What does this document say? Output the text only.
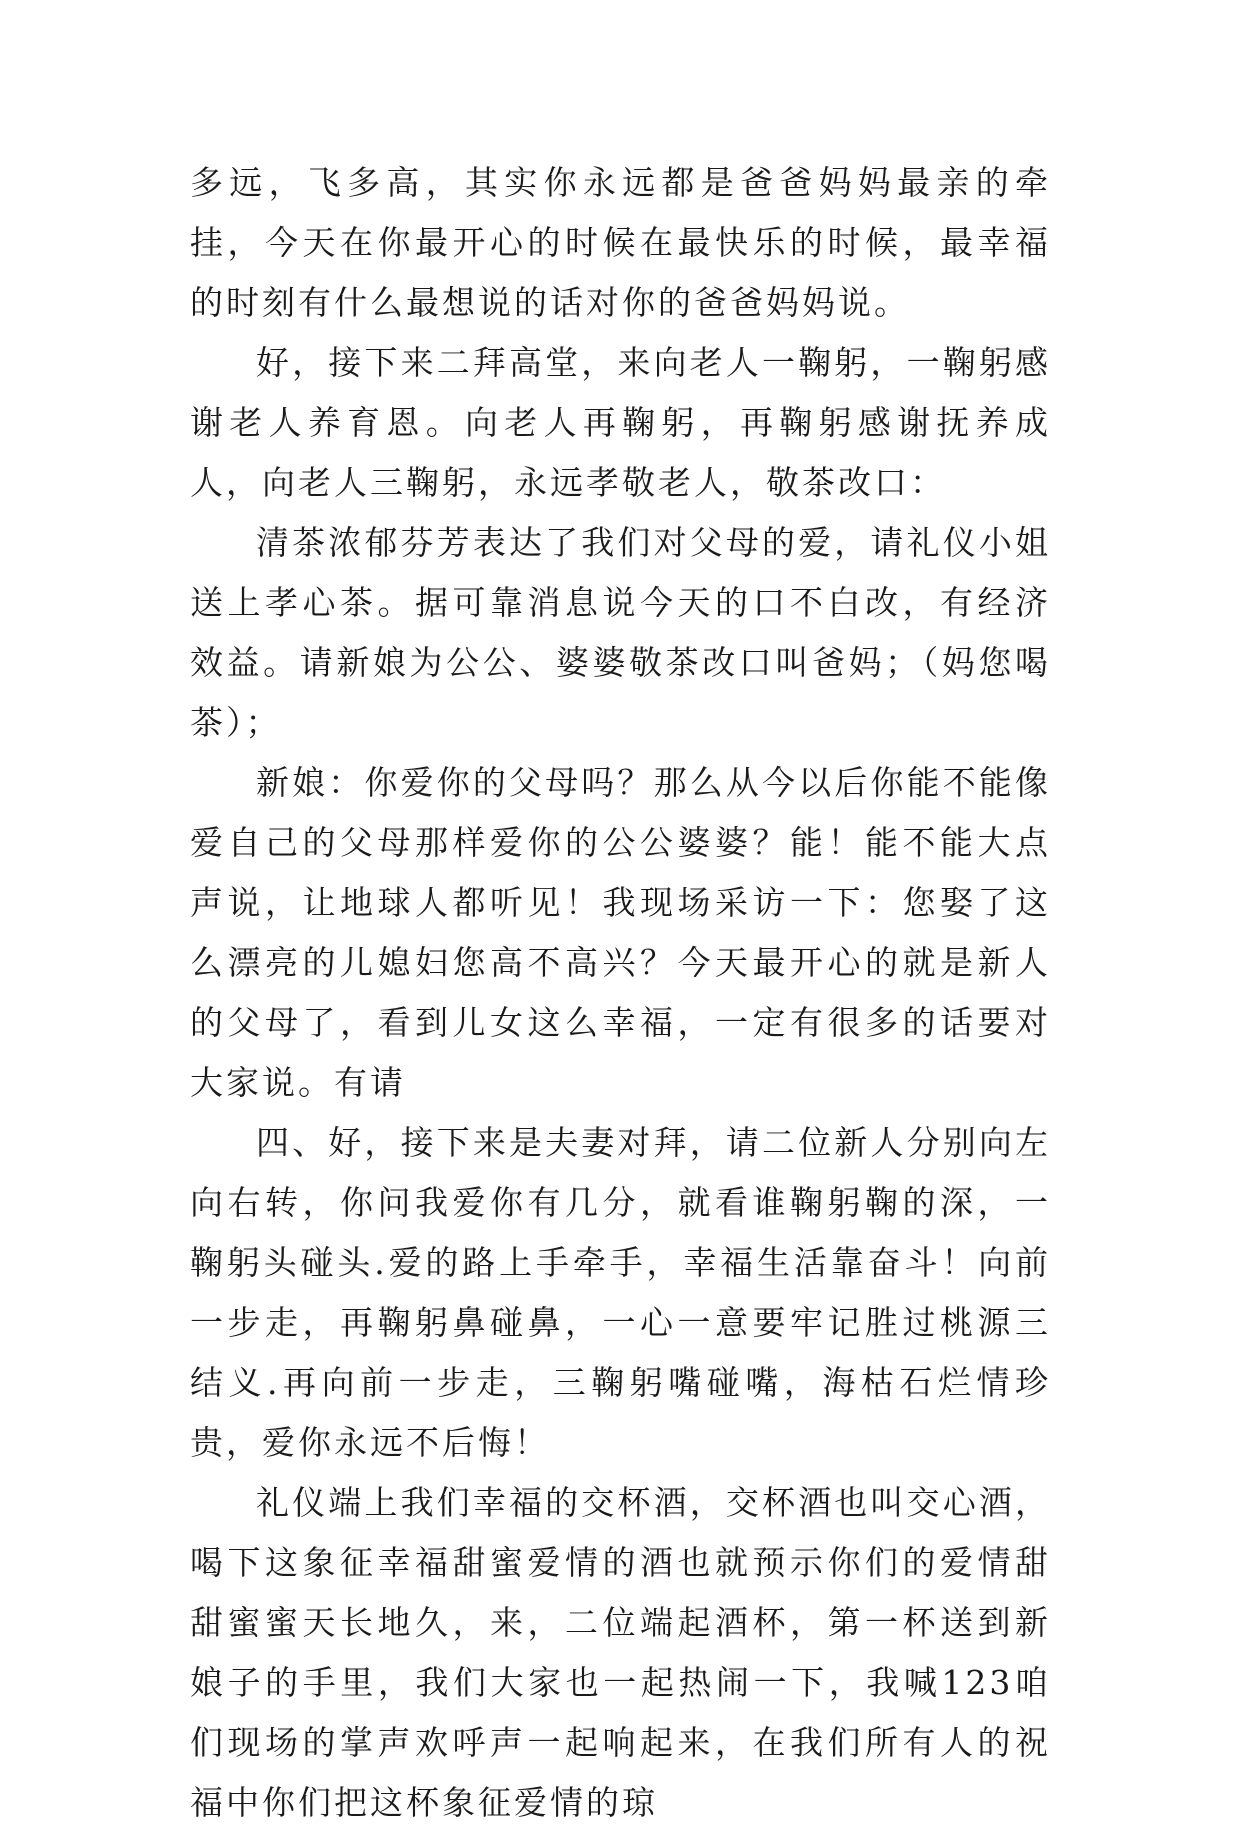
多远，飞多高，其实你永远都是爸爸妈妈最亲的牵挂，今天在你最开心的时候在最快乐的时候，最幸福的时刻有什么最想说的话对你的爸爸妈妈说。

好，接下来二拜高堂，来向老人一鞠躬，一鞠躬感谢老人养育恩。向老人再鞠躬，再鞠躬感谢抚养成人，向老人三鞠躬，永远孝敬老人，敬茶改口：

清茶浓郁芬芳表达了我们对父母的爱，请礼仪小姐送上孝心茶。据可靠消息说今天的口不白改，有经济效益。请新娘为公公、婆婆敬茶改口叫爸妈；（妈您喝茶）；

新娘：你爱你的父母吗？那么从今以后你能不能像爱自己的父母那样爱你的公公婆婆？能！能不能大点声说，让地球人都听见！我现场采访一下：您娶了这么漂亮的儿媳妇您高不高兴？今天最开心的就是新人的父母了，看到儿女这么幸福，一定有很多的话要对大家说。有请

四、好，接下来是夫妻对拜，请二位新人分别向左向右转，你问我爱你有几分，就看谁鞠躬鞠的深，一鞠躬头碰头.爱的路上手牵手，幸福生活靠奋斗！向前一步走，再鞠躬鼻碰鼻，一心一意要牢记胜过桃源三结义.再向前一步走，三鞠躬嘴碰嘴，海枯石烂情珍贵，爱你永远不后悔！

礼仪端上我们幸福的交杯酒，交杯酒也叫交心酒，喝下这象征幸福甜蜜爱情的酒也就预示你们的爱情甜甜蜜蜜天长地久，来，二位端起酒杯，第一杯送到新娘子的手里，我们大家也一起热闹一下，我喊123咱们现场的掌声欢呼声一起响起来，在我们所有人的祝福中你们把这杯象征爱情的琼
